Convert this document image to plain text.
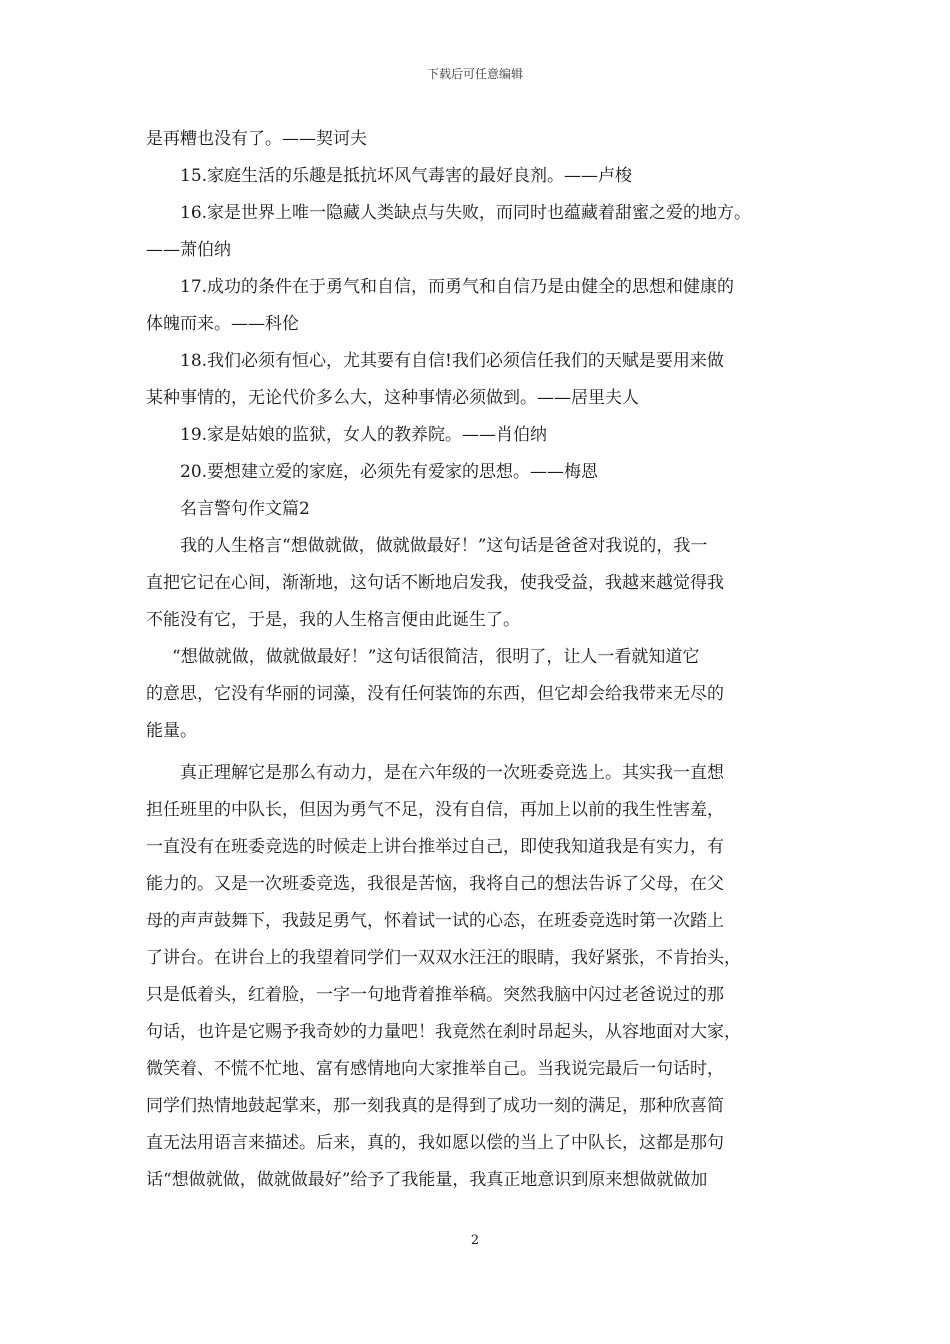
下载后可任意编辑
是再糟也没有了。——契诃夫
15.家庭生活的乐趣是抵抗坏风气毒害的最好良剂。——卢梭
16.家是世界上唯一隐藏人类缺点与失败，而同时也蕴藏着甜蜜之爱的地方。
——萧伯纳
17.成功的条件在于勇气和自信，而勇气和自信乃是由健全的思想和健康的
体魄而来。——科伦
18.我们必须有恒心，尤其要有自信!我们必须信任我们的天赋是要用来做
某种事情的，无论代价多么大，这种事情必须做到。——居里夫人
19.家是姑娘的监狱，女人的教养院。——肖伯纳
20.要想建立爱的家庭，必须先有爱家的思想。——梅恩
名言警句作文篇2
我的人生格言“想做就做，做就做最好！”这句话是爸爸对我说的，我一
直把它记在心间，渐渐地，这句话不断地启发我，使我受益，我越来越觉得我
不能没有它，于是，我的人生格言便由此诞生了。
“想做就做，做就做最好！”这句话很简洁，很明了，让人一看就知道它
的意思，它没有华丽的词藻，没有任何装饰的东西，但它却会给我带来无尽的
能量。
真正理解它是那么有动力，是在六年级的一次班委竞选上。其实我一直想
担任班里的中队长，但因为勇气不足，没有自信，再加上以前的我生性害羞，
一直没有在班委竞选的时候走上讲台推举过自己，即使我知道我是有实力，有
能力的。又是一次班委竞选，我很是苦恼，我将自己的想法告诉了父母，在父
母的声声鼓舞下，我鼓足勇气，怀着试一试的心态，在班委竞选时第一次踏上
了讲台。在讲台上的我望着同学们一双双水汪汪的眼睛，我好紧张，不肯抬头，
只是低着头，红着脸，一字一句地背着推举稿。突然我脑中闪过老爸说过的那
句话，也许是它赐予我奇妙的力量吧！我竟然在刹时昂起头，从容地面对大家，
微笑着、不慌不忙地、富有感情地向大家推举自己。当我说完最后一句话时，
同学们热情地鼓起掌来，那一刻我真的是得到了成功一刻的满足，那种欣喜简
直无法用语言来描述。后来，真的，我如愿以偿的当上了中队长，这都是那句
话“想做就做，做就做最好”给予了我能量，我真正地意识到原来想做就做加
2
